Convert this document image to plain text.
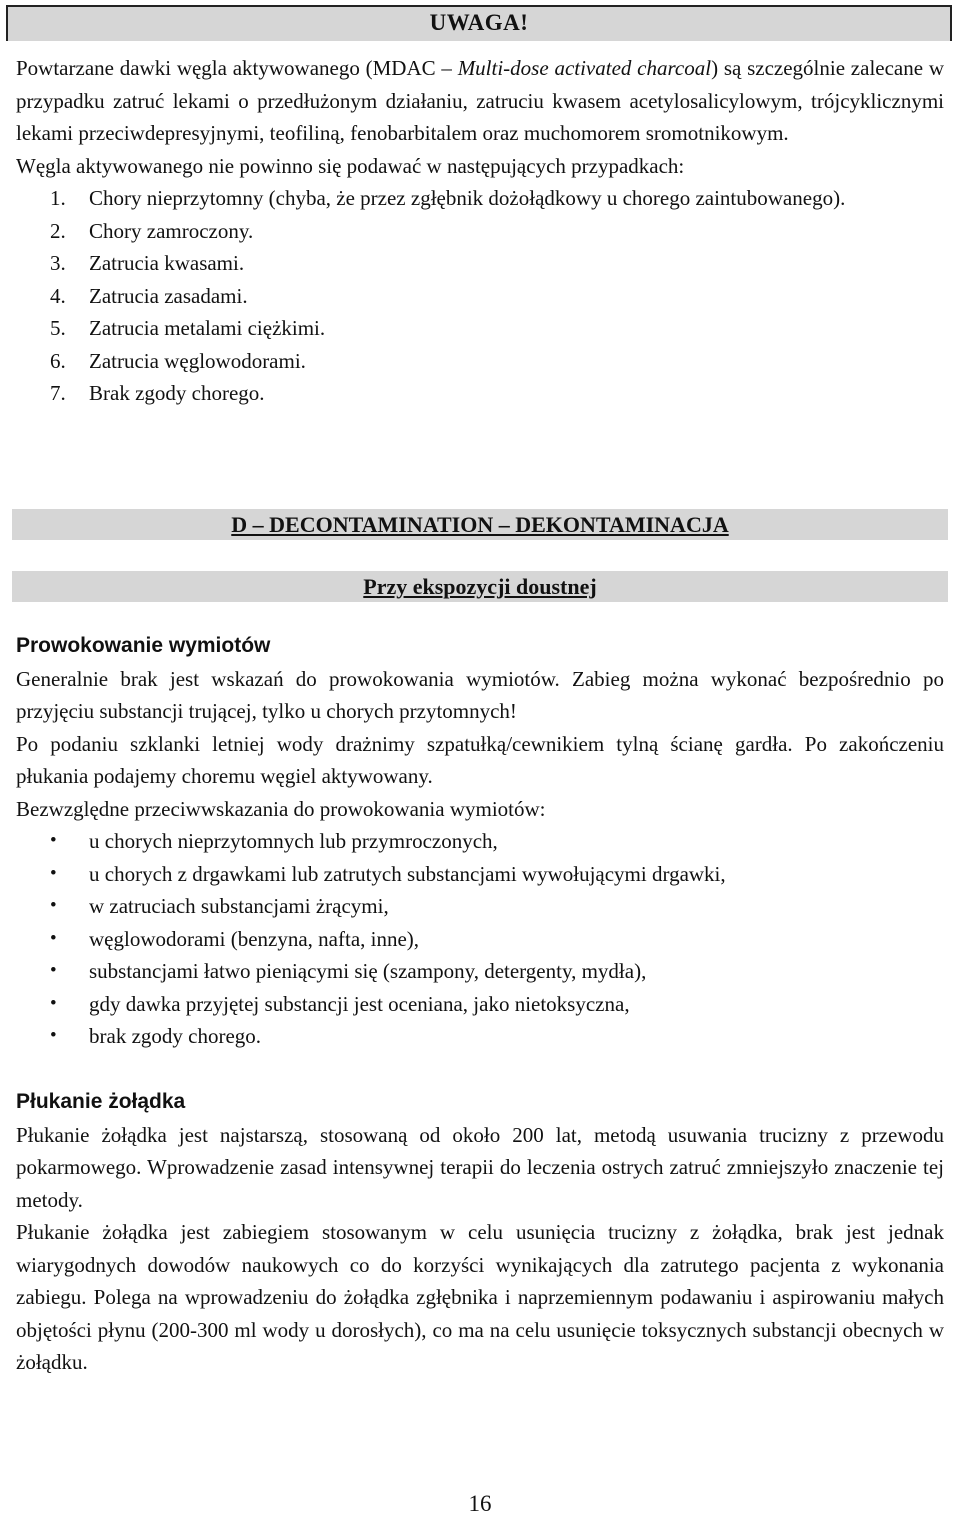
UWAGA!

Powtarzane dawki węgla aktywowanego (MDAC – Multi-dose activated charcoal) są szczególnie zalecane w przypadku zatruć lekami o przedłużonym działaniu, zatruciu kwasem acetylosalicylowym, trójcyklicznymi lekami przeciwdepresyjnymi, teofiliną, fenobarbitalem oraz muchomorem sromotnikowym.

Węgla aktywowanego nie powinno się podawać w następujących przypadkach:

1. Chory nieprzytomny (chyba, że przez zgłębnik dożołądkowy u chorego zaintubowanego).
2. Chory zamroczony.
3. Zatrucia kwasami.
4. Zatrucia zasadami.
5. Zatrucia metalami ciężkimi.
6. Zatrucia węglowodorami.
7. Brak zgody chorego.
D – DECONTAMINATION – DEKONTAMINACJA
Przy ekspozycji doustnej

Prowokowanie wymiotów

Generalnie brak jest wskazań do prowokowania wymiotów. Zabieg można wykonać bezpośrednio po przyjęciu substancji trującej, tylko u chorych przytomnych!

Po podaniu szklanki letniej wody drażnimy szpatułką/cewnikiem tylną ścianę gardła. Po zakończeniu płukania podajemy choremu węgiel aktywowany.

Bezwzględne przeciwwskazania do prowokowania wymiotów:

• u chorych nieprzytomnych lub przymroczonych,
• u chorych z drgawkami lub zatrutych substancjami wywołującymi drgawki,
• w zatruciach substancjami żrącymi,
• węglowodorami (benzyna, nafta, inne),
• substancjami łatwo pieniącymi się (szampony, detergenty, mydła),
• gdy dawka przyjętej substancji jest oceniana, jako nietoksyczna,
• brak zgody chorego.

Płukanie żołądka

Płukanie żołądka jest najstarszą, stosowaną od około 200 lat, metodą usuwania trucizny z przewodu pokarmowego. Wprowadzenie zasad intensywnej terapii do leczenia ostrych zatruć zmniejszyło znaczenie tej metody.

Płukanie żołądka jest zabiegiem stosowanym w celu usunięcia trucizny z żołądka, brak jest jednak wiarygodnych dowodów naukowych co do korzyści wynikających dla zatrutego pacjenta z wykonania zabiegu. Polega na wprowadzeniu do żołądka zgłębnika i naprzemiennym podawaniu i aspirowaniu małych objętości płynu (200-300 ml wody u dorosłych), co ma na celu usunięcie toksycznych substancji obecnych w żołądku.

16
